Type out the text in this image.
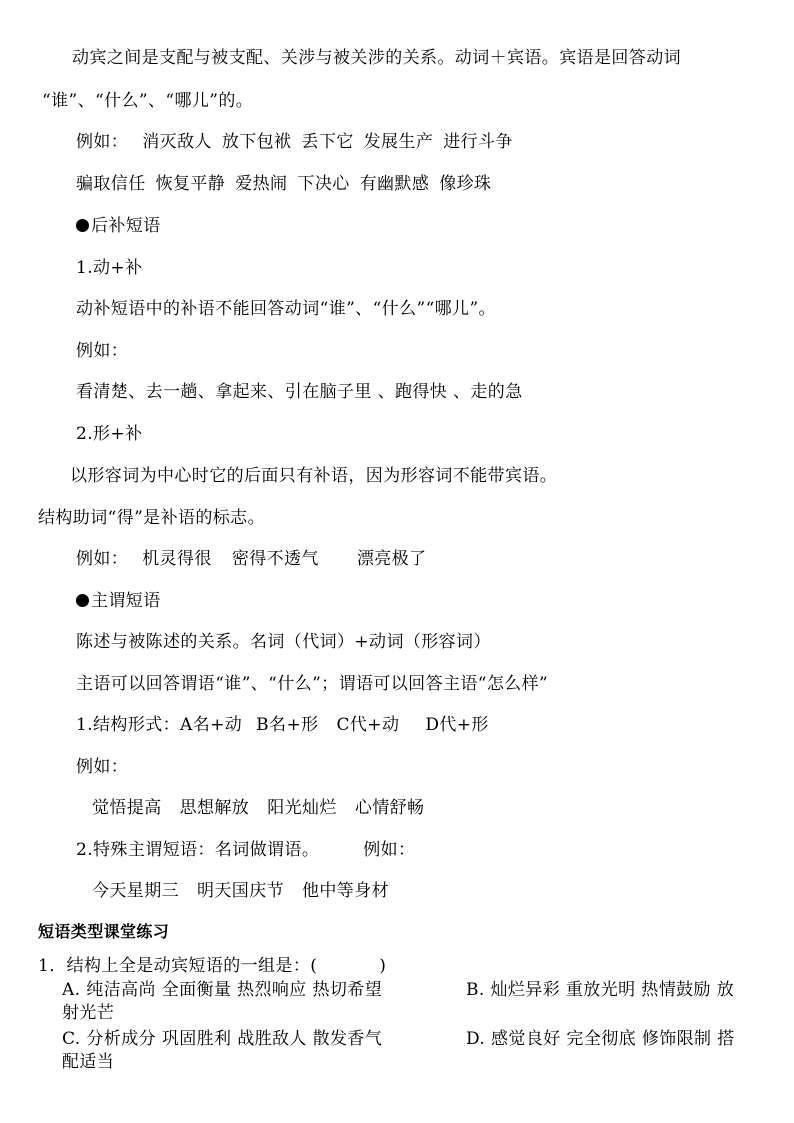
动宾之间是支配与被支配、关涉与被关涉的关系。动词＋宾语。宾语是回答动词
“谁”、“什么”、“哪儿”的。
例如： 消灭敌人 放下包袱 丢下它 发展生产 进行斗争
骗取信任 恢复平静 爱热闹 下决心 有幽默感 像珍珠
后补短语
1.动+补
动补短语中的补语不能回答动词“谁”、“什么”“哪儿”。
例如：
看清楚、去一趟、拿起来、引在脑子里 、跑得快 、走的急
2.形+补
以形容词为中心时它的后面只有补语，因为形容词不能带宾语。
结构助词“得”是补语的标志。
例如： 机灵得很 密得不透气 漂亮极了
主谓短语
陈述与被陈述的关系。名词（代词）+动词（形容词）
主语可以回答谓语“谁”、“什么”；谓语可以回答主语“怎么样”
1.结构形式：A名+动 B名+形 C代+动 D代+形
例如：
觉悟提高 思想解放 阳光灿烂 心情舒畅
2.特殊主谓短语：名词做谓语。	例如：
今天星期三 明天国庆节 他中等身材
短语类型课堂练习
1．结构上全是动宾短语的一组是：(	)
A. 纯洁高尚 全面衡量 热烈响应 热切希望	B. 灿烂异彩 重放光明 热情鼓励 放
射光芒
C. 分析成分 巩固胜利 战胜敌人 散发香气	D. 感觉良好 完全彻底 修饰限制 搭
配适当
